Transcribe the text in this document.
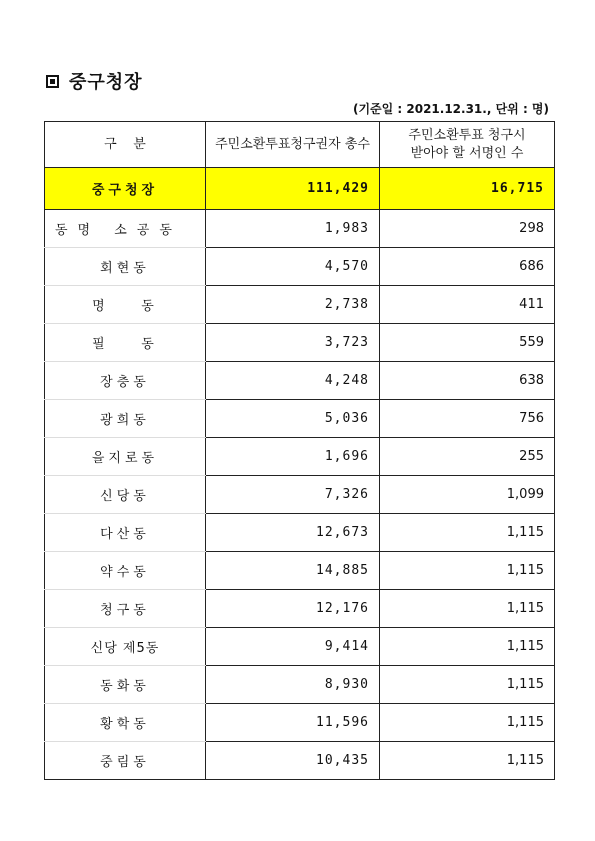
중구청장
(기준일 : 2021.12.31., 단위 : 명)
구    분	주민소환투표청구권자 총수	주민소환투표 청구시
받아야 할 서명인 수

중구청장	111,429	16,715
동명 소공동	1,983	298
회현동	4,570	686
명    동	2,738	411
필    동	3,723	559
장충동	4,248	638
광희동	5,036	756
을지로동	1,696	255
신당동	7,326	1,099
다산동	12,673	1,115
약수동	14,885	1,115
청구동	12,176	1,115
신당 제5동	9,414	1,115
동화동	8,930	1,115
황학동	11,596	1,115
중림동	10,435	1,115
